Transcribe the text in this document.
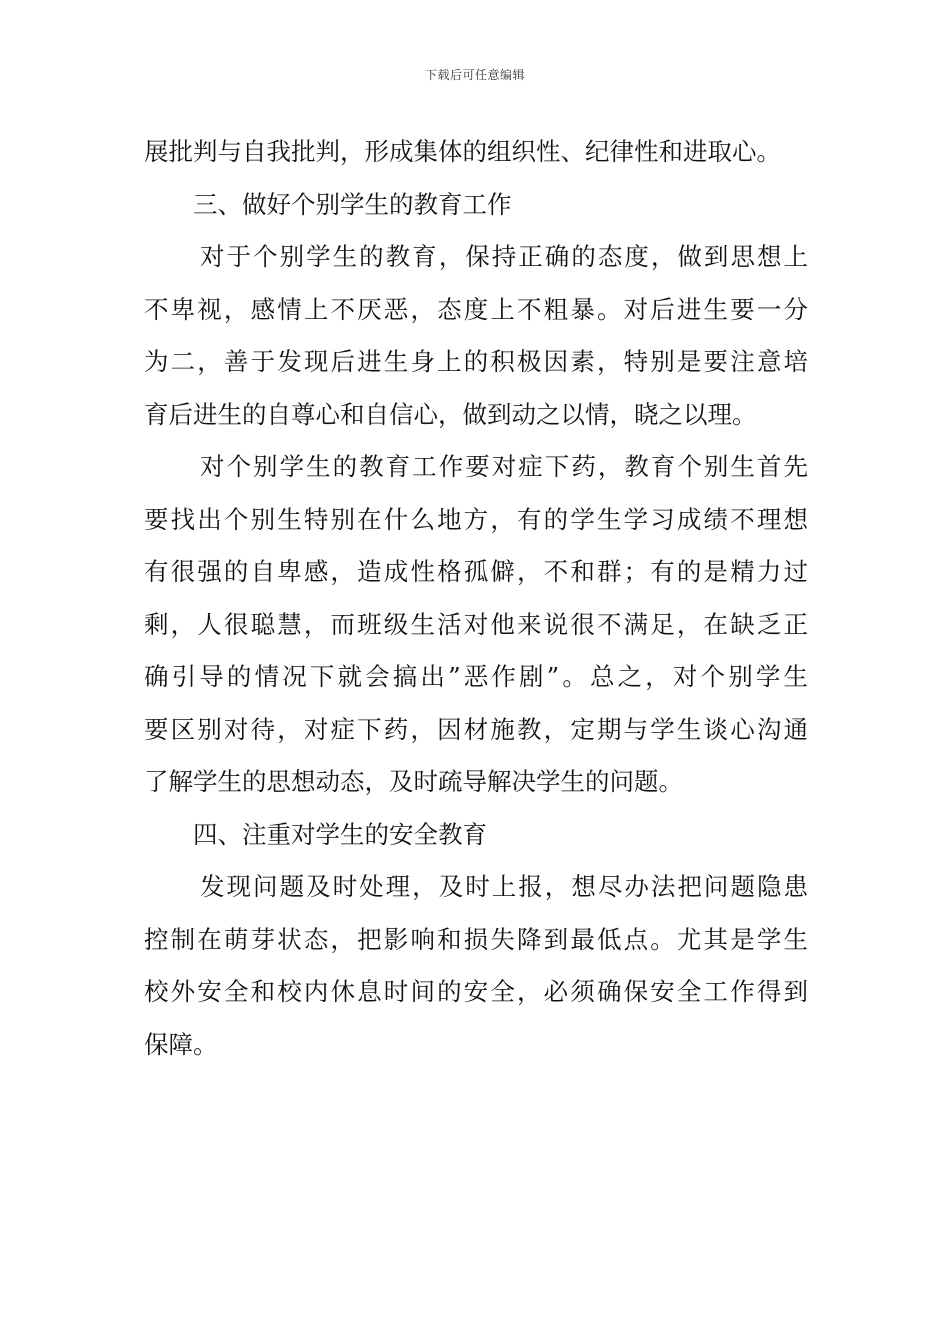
下载后可任意编辑
展批判与自我批判，形成集体的组织性、纪律性和进取心。
三、做好个别学生的教育工作
对于个别学生的教育，保持正确的态度，做到思想上
不卑视，感情上不厌恶，态度上不粗暴。对后进生要一分
为二，善于发现后进生身上的积极因素，特别是要注意培
育后进生的自尊心和自信心，做到动之以情，晓之以理。
对个别学生的教育工作要对症下药，教育个别生首先
要找出个别生特别在什么地方，有的学生学习成绩不理想
有很强的自卑感，造成性格孤僻，不和群；有的是精力过
剩，人很聪慧，而班级生活对他来说很不满足，在缺乏正
确引导的情况下就会搞出”恶作剧”。总之，对个别学生
要区别对待，对症下药，因材施教，定期与学生谈心沟通
了解学生的思想动态，及时疏导解决学生的问题。
四、注重对学生的安全教育
发现问题及时处理，及时上报，想尽办法把问题隐患
控制在萌芽状态，把影响和损失降到最低点。尤其是学生
校外安全和校内休息时间的安全，必须确保安全工作得到
保障。
